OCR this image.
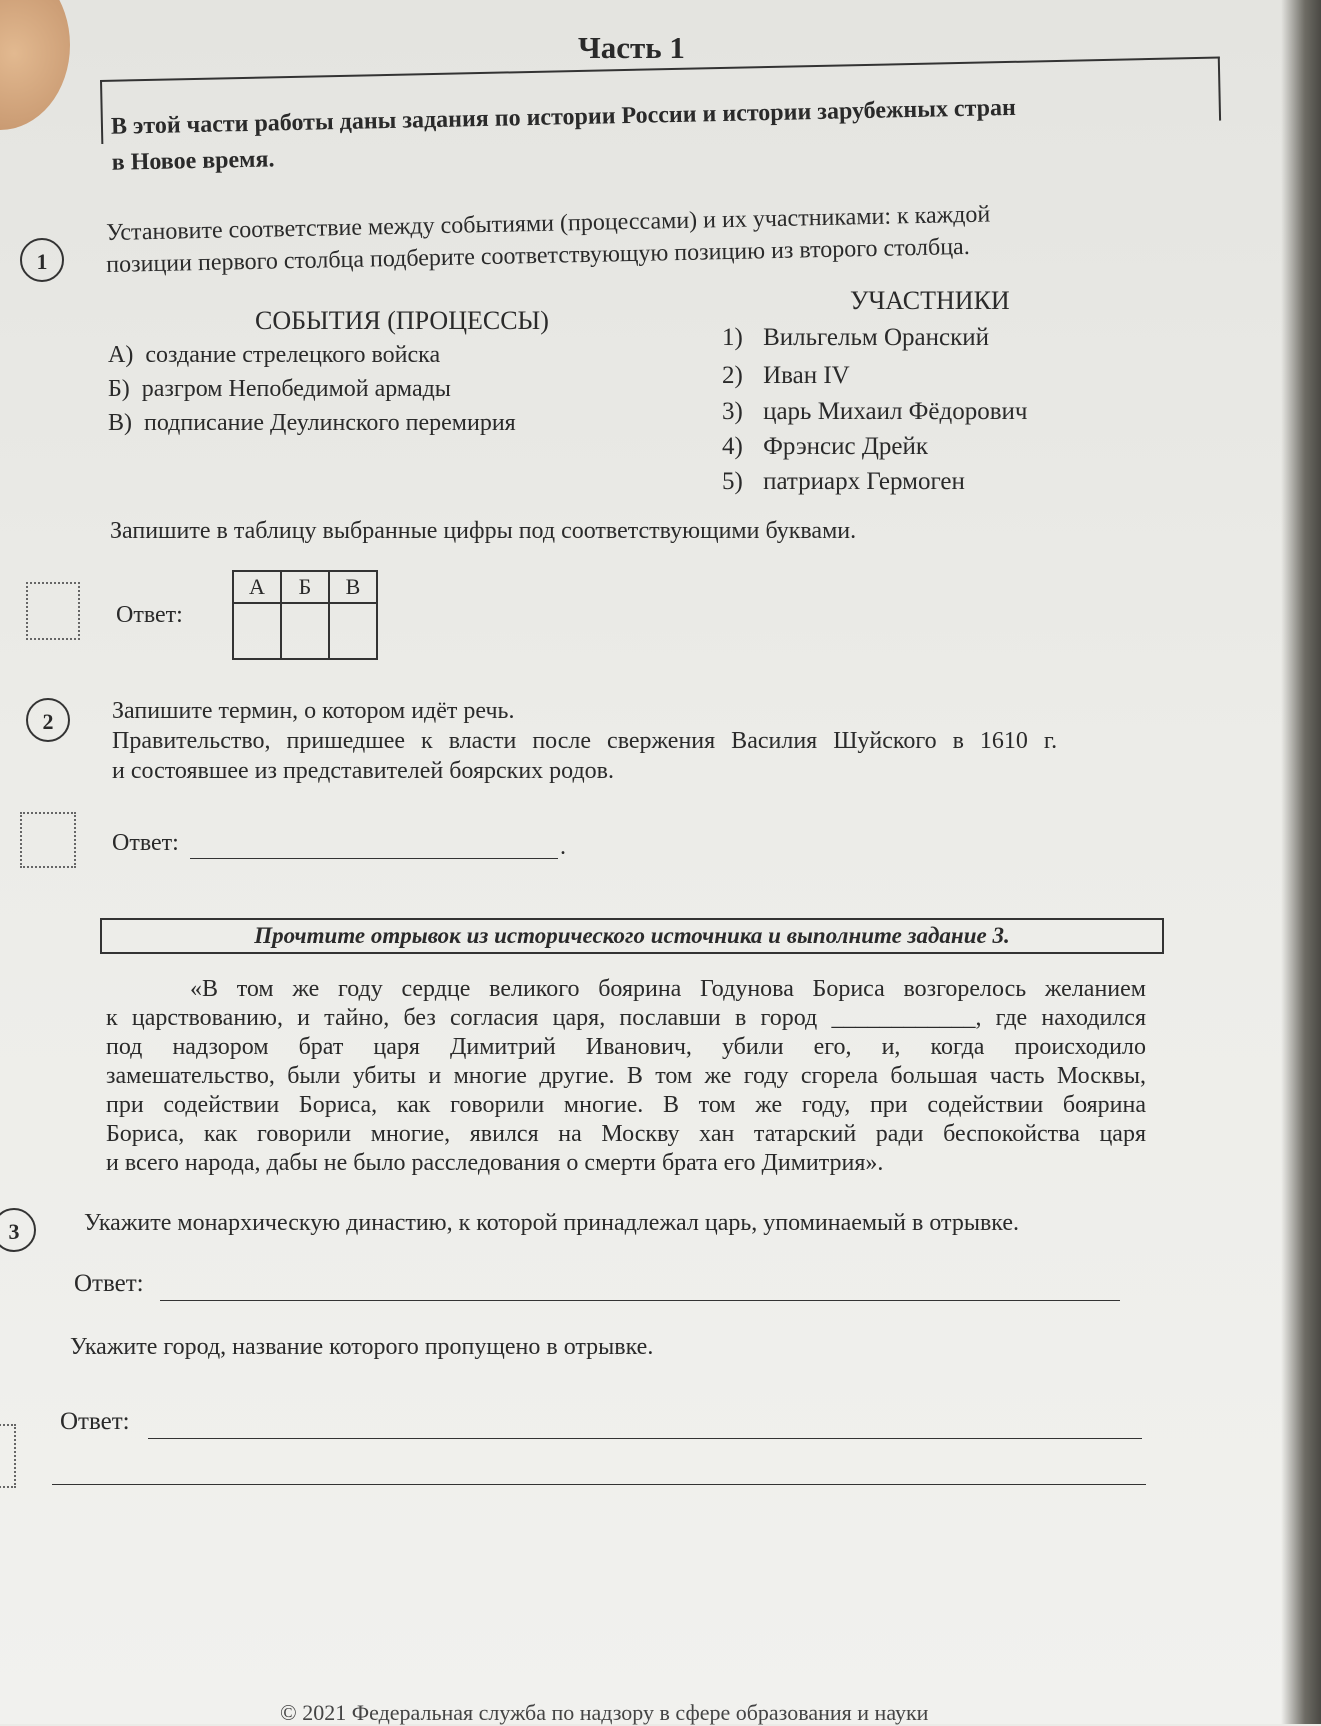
Часть 1
В этой части работы даны задания по истории России и истории зарубежных стран
в Новое время.
1
Установите соответствие между событиями (процессами) и их участниками: к каждой
позиции первого столбца подберите соответствующую позицию из второго столбца.
СОБЫТИЯ (ПРОЦЕССЫ)
УЧАСТНИКИ
А) создание стрелецкого войска
Б) разгром Непобедимой армады
В) подписание Деулинского перемирия
1) Вильгельм Оранский
2) Иван IV
3) царь Михаил Фёдорович
4) Фрэнсис Дрейк
5) патриарх Гермоген
Запишите в таблицу выбранные цифры под соответствующими буквами.
Ответ:
А	Б	В

2	Запишите термин, о котором идёт речь.
Правительство, пришедшее к власти после свержения Василия Шуйского в 1610 г.
и состоявшее из представителей боярских родов.
Ответ:	.
Прочтите отрывок из исторического источника и выполните задание 3.
«В том же году сердце великого боярина Годунова Бориса возгорелось желанием
к царствованию, и тайно, без согласия царя, пославши в город ____________, где находился
под надзором брат царя Димитрий Иванович, убили его, и, когда происходило
замешательство, были убиты и многие другие. В том же году сгорела большая часть Москвы,
при содействии Бориса, как говорили многие. В том же году, при содействии боярина
Бориса, как говорили многие, явился на Москву хан татарский ради беспокойства царя
и всего народа, дабы не было расследования о смерти брата его Димитрия».
3	Укажите монархическую династию, к которой принадлежал царь, упоминаемый в отрывке.
Ответ:
Укажите город, название которого пропущено в отрывке.
Ответ:
© 2021 Федеральная служба по надзору в сфере образования и науки
